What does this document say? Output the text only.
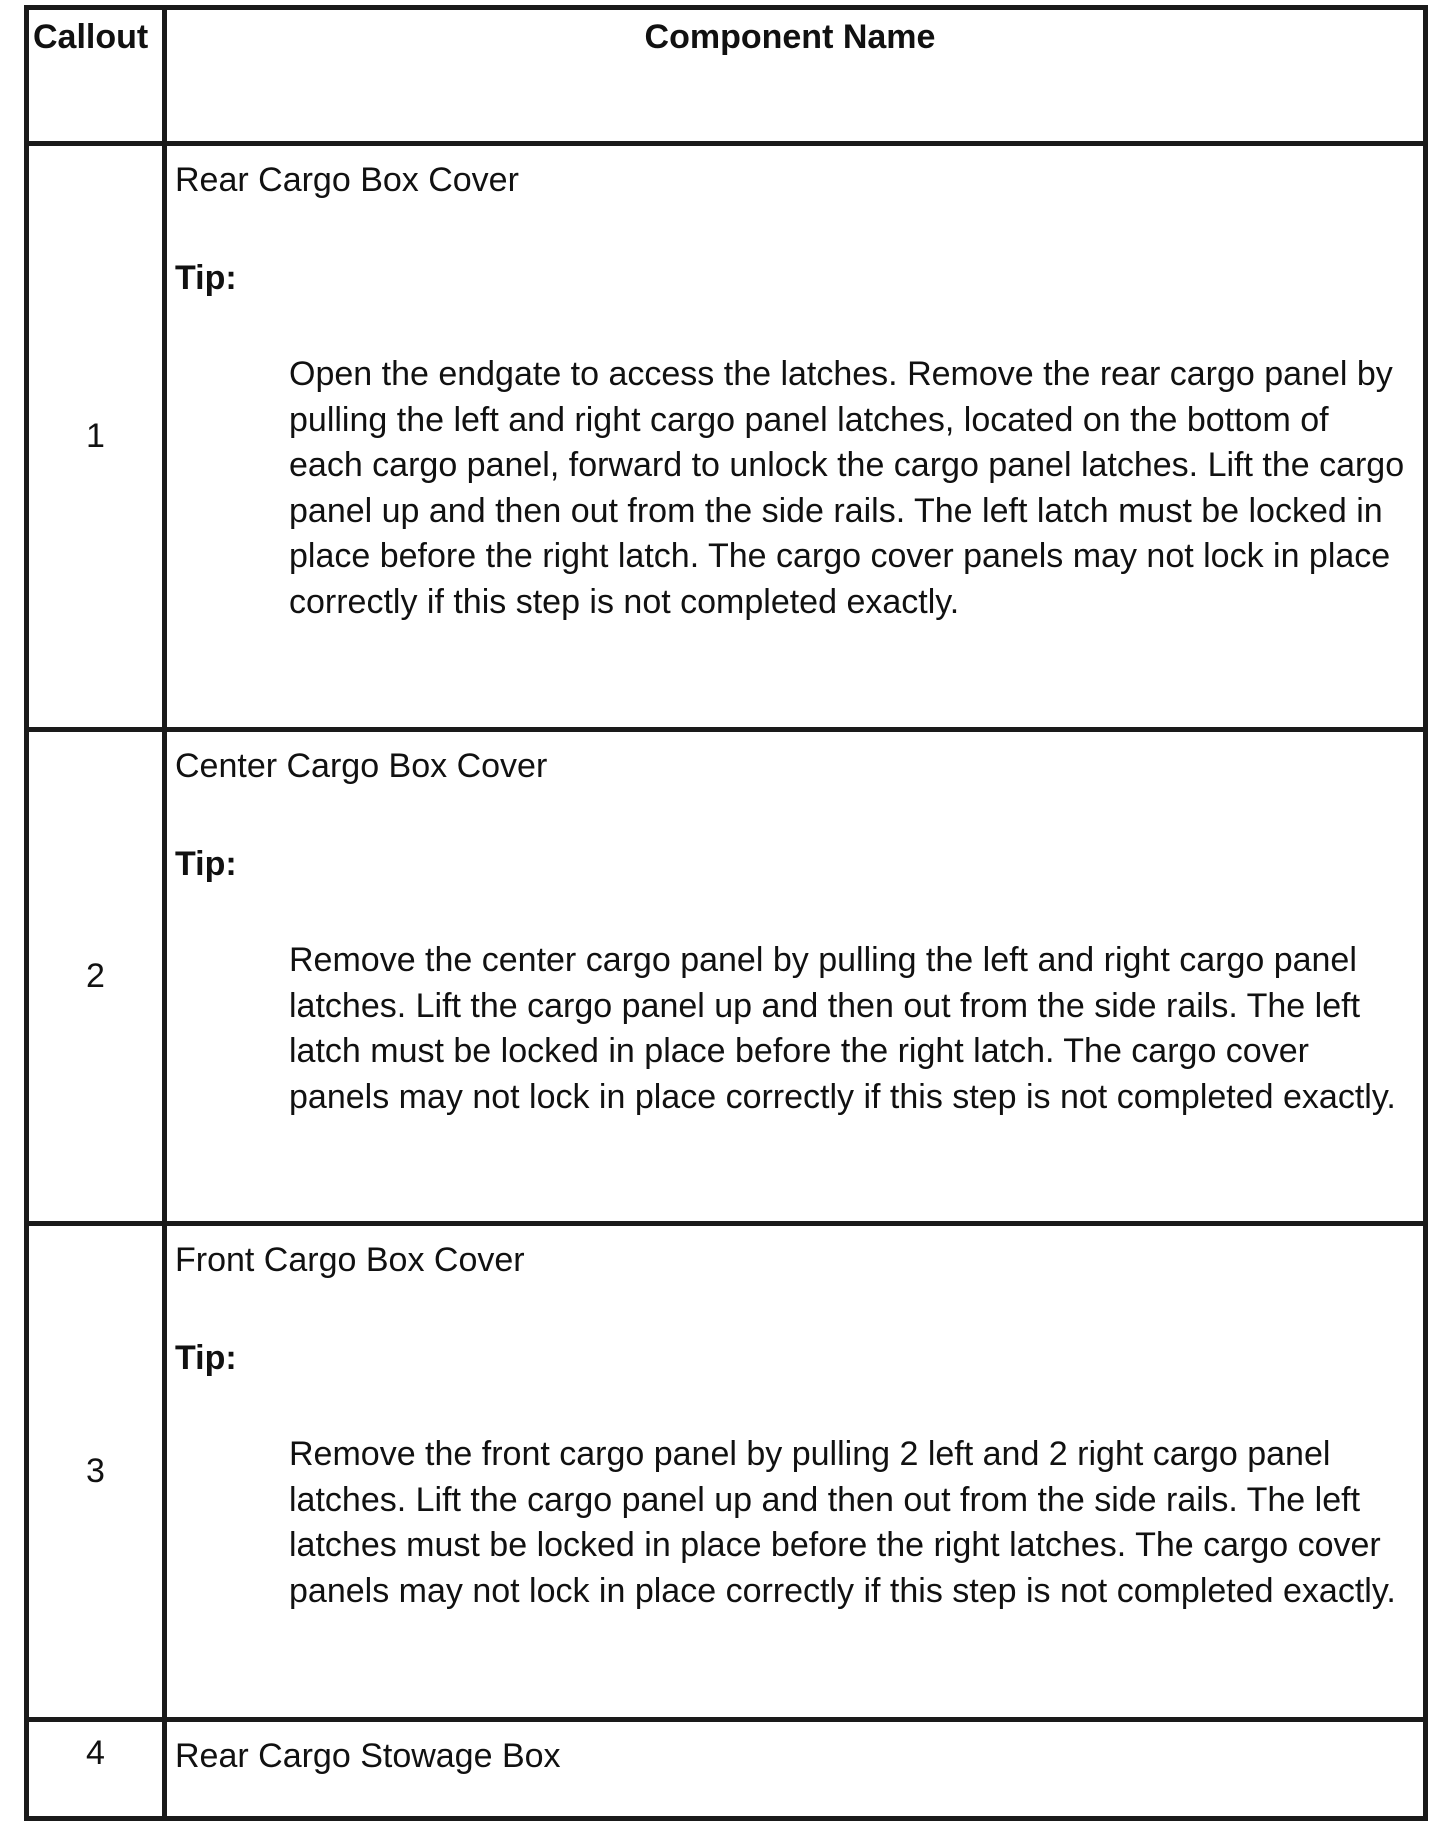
Callout	Component Name
1
Rear Cargo Box Cover
Tip:
Open the endgate to access the latches. Remove the rear cargo panel by pulling the left and right cargo panel latches, located on the bottom of each cargo panel, forward to unlock the cargo panel latches. Lift the cargo panel up and then out from the side rails. The left latch must be locked in place before the right latch. The cargo cover panels may not lock in place correctly if this step is not completed exactly.
2
Center Cargo Box Cover
Tip:
Remove the center cargo panel by pulling the left and right cargo panel latches. Lift the cargo panel up and then out from the side rails. The left latch must be locked in place before the right latch. The cargo cover panels may not lock in place correctly if this step is not completed exactly.
3
Front Cargo Box Cover
Tip:
Remove the front cargo panel by pulling 2 left and 2 right cargo panel latches. Lift the cargo panel up and then out from the side rails. The left latches must be locked in place before the right latches. The cargo cover panels may not lock in place correctly if this step is not completed exactly.
4	Rear Cargo Stowage Box
